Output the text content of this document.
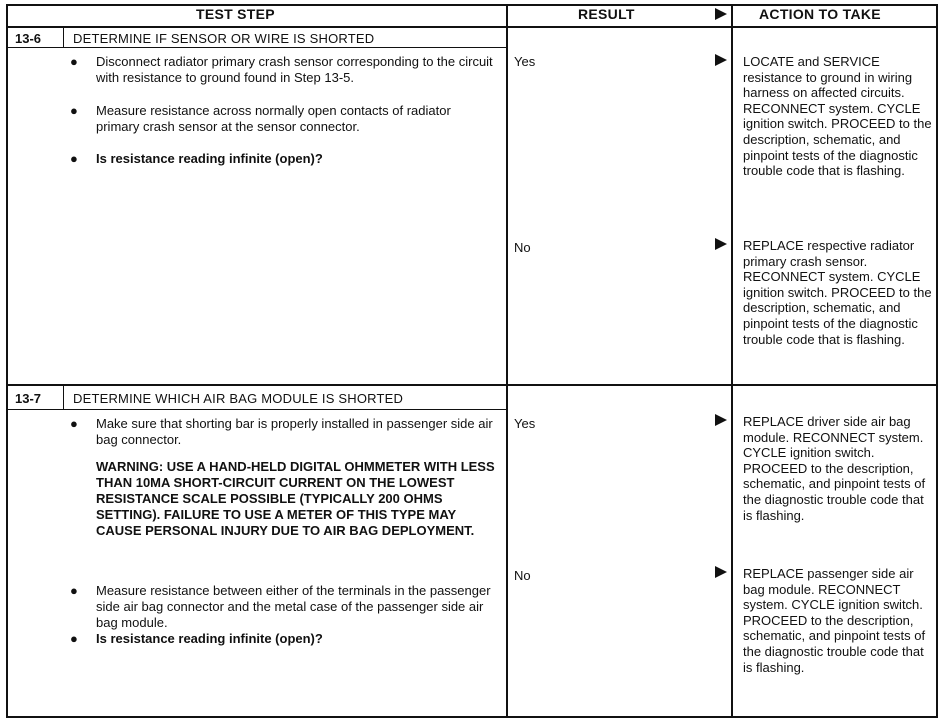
TEST STEP	RESULT	ACTION TO TAKE
13-6 DETERMINE IF SENSOR OR WIRE IS SHORTED
● Disconnect radiator primary crash sensor corresponding to the circuit with resistance to ground found in Step 13-5.
● Measure resistance across normally open contacts of radiator primary crash sensor at the sensor connector.
● Is resistance reading infinite (open)?
Yes	LOCATE and SERVICE resistance to ground in wiring harness on affected circuits. RECONNECT system. CYCLE ignition switch. PROCEED to the description, schematic, and pinpoint tests of the diagnostic trouble code that is flashing.
No	REPLACE respective radiator primary crash sensor. RECONNECT system. CYCLE ignition switch. PROCEED to the description, schematic, and pinpoint tests of the diagnostic trouble code that is flashing.
13-7 DETERMINE WHICH AIR BAG MODULE IS SHORTED
● Make sure that shorting bar is properly installed in passenger side air bag connector.
WARNING: USE A HAND-HELD DIGITAL OHMMETER WITH LESS THAN 10MA SHORT-CIRCUIT CURRENT ON THE LOWEST RESISTANCE SCALE POSSIBLE (TYPICALLY 200 OHMS SETTING). FAILURE TO USE A METER OF THIS TYPE MAY CAUSE PERSONAL INJURY DUE TO AIR BAG DEPLOYMENT.
● Measure resistance between either of the terminals in the passenger side air bag connector and the metal case of the passenger side air bag module.
● Is resistance reading infinite (open)?
Yes	REPLACE driver side air bag module. RECONNECT system. CYCLE ignition switch. PROCEED to the description, schematic, and pinpoint tests of the diagnostic trouble code that is flashing.
No	REPLACE passenger side air bag module. RECONNECT system. CYCLE ignition switch. PROCEED to the description, schematic, and pinpoint tests of the diagnostic trouble code that is flashing.
